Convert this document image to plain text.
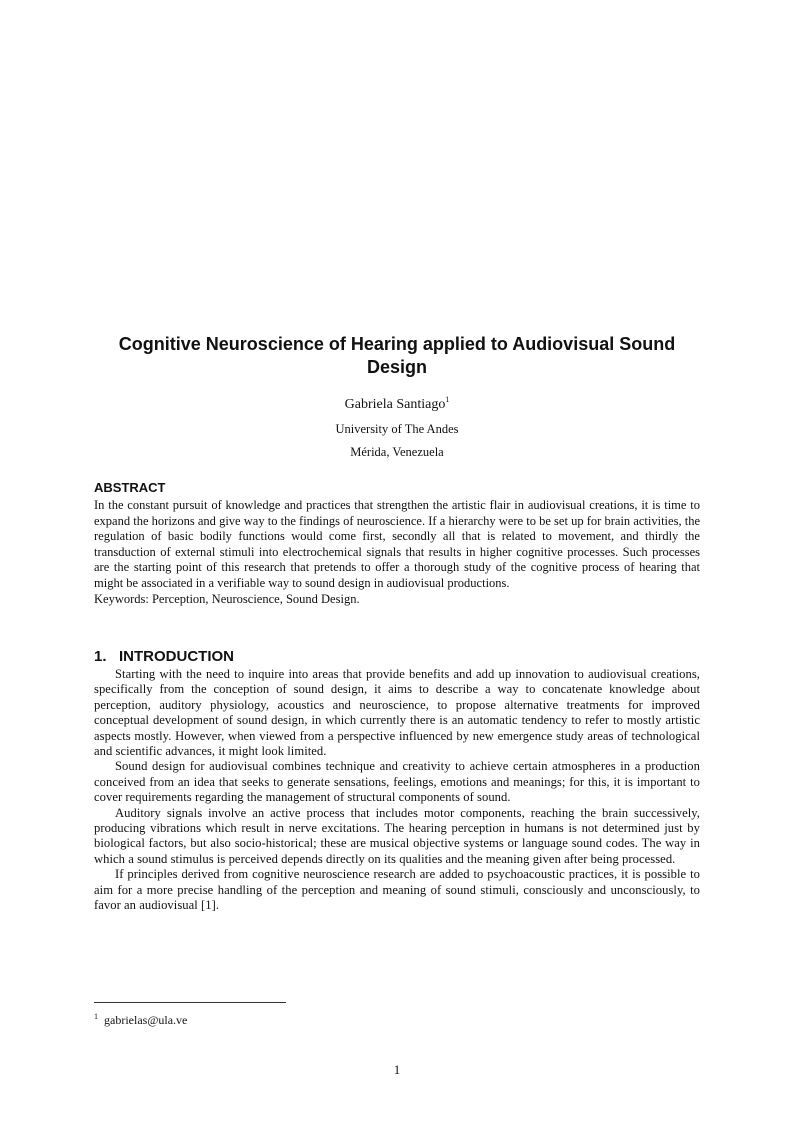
Cognitive Neuroscience of Hearing applied to Audiovisual Sound Design
Gabriela Santiago$^1$
University of The Andes
Mérida, Venezuela
ABSTRACT

In the constant pursuit of knowledge and practices that strengthen the artistic flair in audiovisual creations, it is time to expand the horizons and give way to the findings of neuroscience. If a hierarchy were to be set up for brain activities, the regulation of basic bodily functions would come first, secondly all that is related to movement, and thirdly the transduction of external stimuli into electrochemical signals that results in higher cognitive processes. Such processes are the starting point of this research that pretends to offer a thorough study of the cognitive process of hearing that might be associated in a verifiable way to sound design in audiovisual productions.

Keywords: Perception, Neuroscience, Sound Design.

1. INTRODUCTION

Starting with the need to inquire into areas that provide benefits and add up innovation to audiovisual creations, specifically from the conception of sound design, it aims to describe a way to concatenate knowledge about perception, auditory physiology, acoustics and neuroscience, to propose alternative treatments for improved conceptual development of sound design, in which currently there is an automatic tendency to refer to mostly artistic aspects mostly. However, when viewed from a perspective influenced by new emergence study areas of technological and scientific advances, it might look limited.

Sound design for audiovisual combines technique and creativity to achieve certain atmospheres in a production conceived from an idea that seeks to generate sensations, feelings, emotions and meanings; for this, it is important to cover requirements regarding the management of structural components of sound.

Auditory signals involve an active process that includes motor components, reaching the brain successively, producing vibrations which result in nerve excitations. The hearing perception in humans is not determined just by biological factors, but also socio-historical; these are musical objective systems or language sound codes. The way in which a sound stimulus is perceived depends directly on its qualities and the meaning given after being processed.

If principles derived from cognitive neuroscience research are added to psychoacoustic practices, it is possible to aim for a more precise handling of the perception and meaning of sound stimuli, consciously and unconsciously, to favor an audiovisual [1].

$^1$ gabrielas@ula.ve
1
